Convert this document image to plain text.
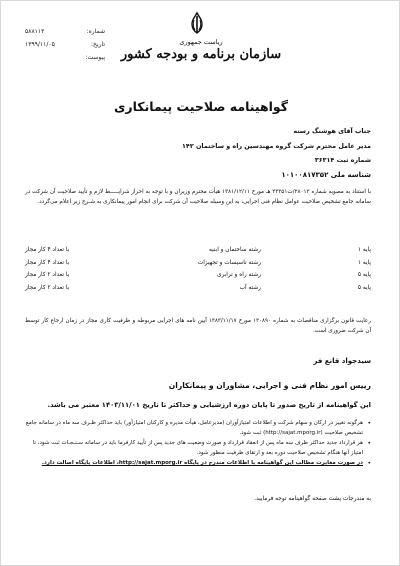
شماره:
۵۸۸۱۱۳
تاریخ:
۱۳۹۹/۱۱/۰۵
پیوست:
ریاست جمهوری
سازمان برنامه و بودجه کشور
گواهینامه صلاحیت پیمانکاری
جناب آقای هوشنگ رسته
مدیر عامل محترم شرکت گروه مهندسین راه و ساختمان ۱۴۲
شماره ثبت ۳۶۳۱۴
شناسه ملی ۱۰۱۰۰۸۱۷۳۵۲
با استناد به مصوبه شماره ۲۸۰۱۳/ت۲۳۳۵۱ هـ مورخ ۱۳۸۱/۱۲/۱۱ هیأت محترم وزیران و با توجه به احراز شرایـــــط لازم و تأیید صلاحیت آن شرکت در سامانه جامع تشخیص صلاحیت عوامل نظام فنی اجرایی، به این وسیله صلاحیت آن شرکت برای انجام امور پیمانکاری به شـرح زیر اعلام می‌گردد.
پایه ۱
رشته ساختمان و ابنیه
با تعداد ۴ کار مجاز
پایه ۱
رشته تاسیسات و تجهیزات
با تعداد ۴ کار مجاز
پایه ۵
رشته راه و ترابری
با تعداد ۲ کار مجاز
پایه ۵
رشته آب
با تعداد ۲ کار مجاز
رعایت قانون برگزاری مناقصات به شماره ۱۳۰۸۹۰ مورخ ۱۳۸۳/۱۱/۱۷ آیین نامه های اجرایی مربوطه و ظرفیت کاری مجاز در زمان ارجاع کار توسط آن شرکت ضروری است.
سیدجواد قانع فر
رییس امور نظام فنی و اجرایی، مشاوران و پیمانکاران
این گواهینامه از تاریخ صدور تا پایان دوره ارزشیابی و حداکثر تا تاریخ ۱۴۰۳/۱۱/۰۱ معتبر می باشد.
•
هرگونه تغییر در ارکان و سهام شرکت و اطلاعات امتیازآوران (مدیرعامل، هیأت مدیره و کارکنان امتیازآور) باید حداکثر ظـرف سه ماه در سامانه جامع تشخیص صلاحیت (http://sajat.mporg.ir) ثبت شود.
•
هر قرارداد جدید حداکثر ظرف سه ماه پس از انعقاد قرارداد و صورت وضعیت های جدید پس از تأیید کارفرما باید در سامانه سـنـجـات ثبت شود، تا امتیاز آنها هنگام تشخیص صلاحیت دوره بعد و ارتقای ظرفیت منظور شود.
•
در صورت مغایرت مطالب این گواهینامه با اطلاعات مندرج در پایگاه http://sajat.mporg.ir، اطلاعات پایگاه اصالت دارد.
به مندرجات پشت صفحه گواهینامه توجه فرمایید.
